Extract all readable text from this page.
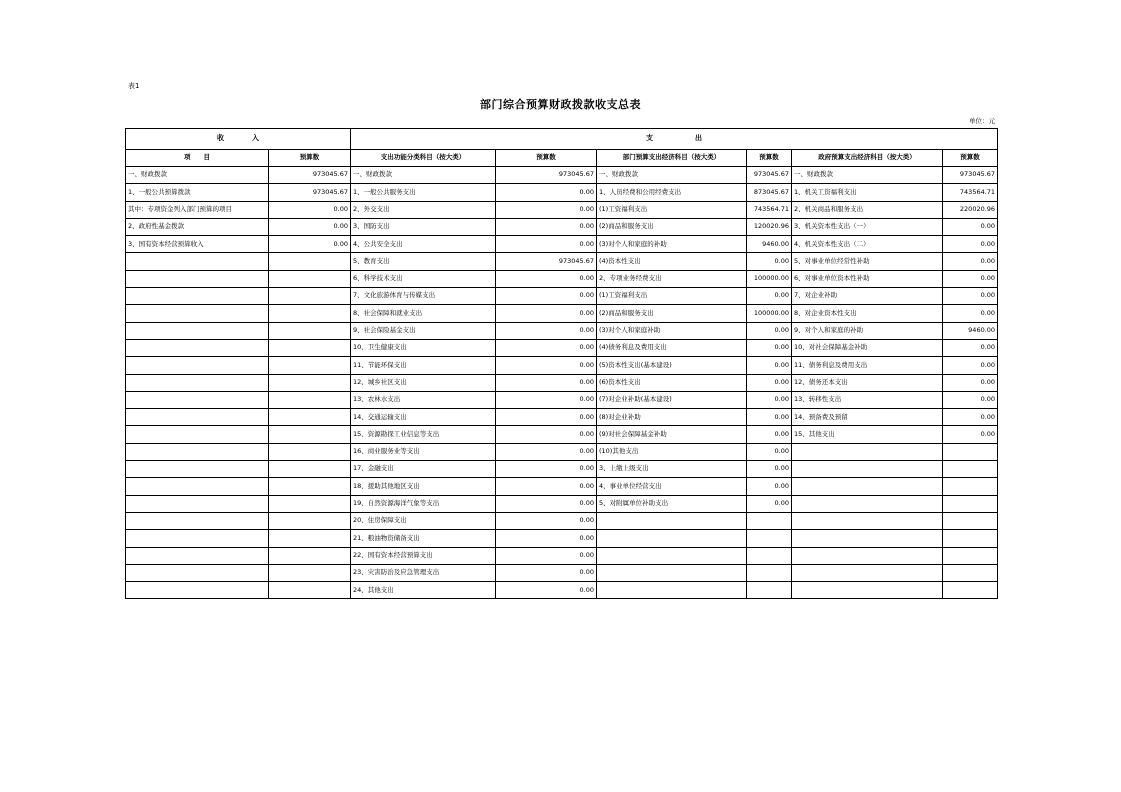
表1
部门综合预算财政拨款收支总表
单位：元
收　　　　入		支　　　　　　出					
项　　目	预算数	支出功能分类科目（按大类）	预算数	部门预算支出经济科目（按大类）	预算数	政府预算支出经济科目（按大类）	预算数
一、财政拨款	973045.67	一、财政拨款	973045.67	一、财政拨款	973045.67	一、财政拨款	973045.67
1、一般公共预算拨款	973045.67	1、一般公共服务支出	0.00	1、人员经费和公用经费支出	873045.67	1、机关工资福利支出	743564.71
其中：专项资金列入部门预算的项目	0.00	2、外交支出	0.00	(1)工资福利支出	743564.71	2、机关商品和服务支出	220020.96
2、政府性基金拨款	0.00	3、国防支出	0.00	(2)商品和服务支出	120020.96	3、机关资本性支出（一）	0.00
3、国有资本经营预算收入	0.00	4、公共安全支出	0.00	(3)对个人和家庭的补助	9460.00	4、机关资本性支出（二）	0.00
		5、教育支出	973045.67	(4)资本性支出	0.00	5、对事业单位经常性补助	0.00
		6、科学技术支出	0.00	2、专项业务经费支出	100000.00	6、对事业单位资本性补助	0.00
		7、文化旅游体育与传媒支出	0.00	(1)工资福利支出	0.00	7、对企业补助	0.00
		8、社会保障和就业支出	0.00	(2)商品和服务支出	100000.00	8、对企业资本性支出	0.00
		9、社会保险基金支出	0.00	(3)对个人和家庭补助	0.00	9、对个人和家庭的补助	9460.00
		10、卫生健康支出	0.00	(4)债务利息及费用支出	0.00	10、对社会保障基金补助	0.00
		11、节能环保支出	0.00	(5)资本性支出(基本建设)	0.00	11、债务利息及费用支出	0.00
		12、城乡社区支出	0.00	(6)资本性支出	0.00	12、债务还本支出	0.00
		13、农林水支出	0.00	(7)对企业补助(基本建设)	0.00	13、转移性支出	0.00
		14、交通运输支出	0.00	(8)对企业补助	0.00	14、预备费及预留	0.00
		15、资源勘探工业信息等支出	0.00	(9)对社会保障基金补助	0.00	15、其他支出	0.00
		16、商业服务业等支出	0.00	(10)其他支出	0.00		
		17、金融支出	0.00	3、上缴上级支出	0.00		
		18、援助其他地区支出	0.00	4、事业单位经营支出	0.00		
		19、自然资源海洋气象等支出	0.00	5、对附属单位补助支出	0.00		
		20、住房保障支出	0.00				
		21、粮油物资储备支出	0.00				
		22、国有资本经营预算支出	0.00				
		23、灾害防治及应急管理支出	0.00				
		24、其他支出	0.00				
